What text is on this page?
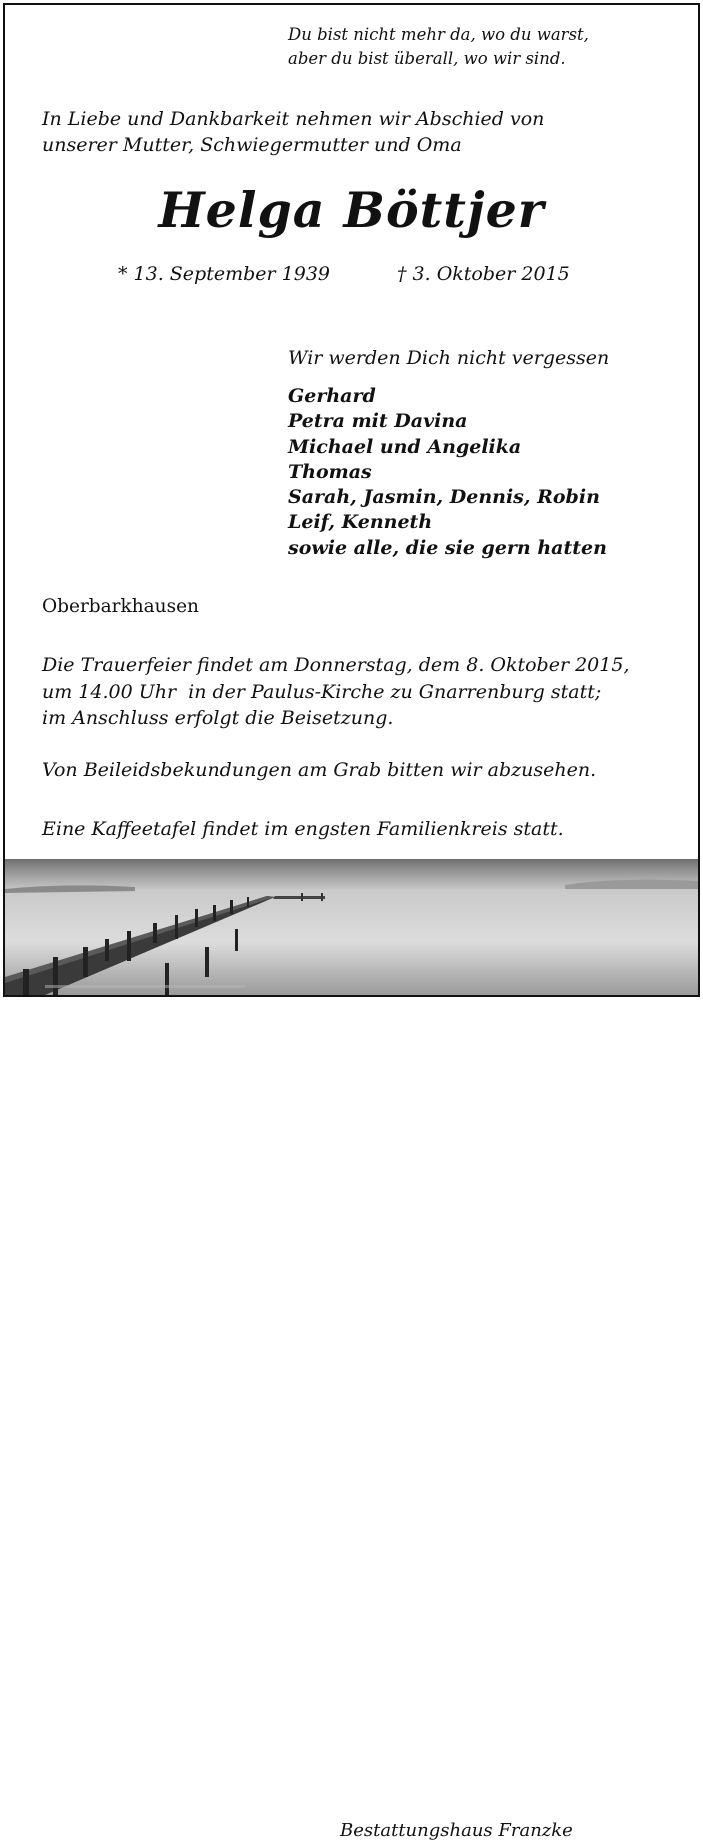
Du bist nicht mehr da, wo du warst,
aber du bist überall, wo wir sind.
In Liebe und Dankbarkeit nehmen wir Abschied von
unserer Mutter, Schwiegermutter und Oma
Helga Böttjer
* 13. September 1939	† 3. Oktober 2015
Wir werden Dich nicht vergessen
Gerhard
Petra mit Davina
Michael und Angelika
Thomas
Sarah, Jasmin, Dennis, Robin
Leif, Kenneth
sowie alle, die sie gern hatten
Oberbarkhausen
Die Trauerfeier findet am Donnerstag, dem 8. Oktober 2015,
um 14.00 Uhr  in der Paulus-Kirche zu Gnarrenburg statt;
im Anschluss erfolgt die Beisetzung.
Von Beileidsbekundungen am Grab bitten wir abzusehen.
Eine Kaffeetafel findet im engsten Familienkreis statt.
Bestattungshaus Franzke
